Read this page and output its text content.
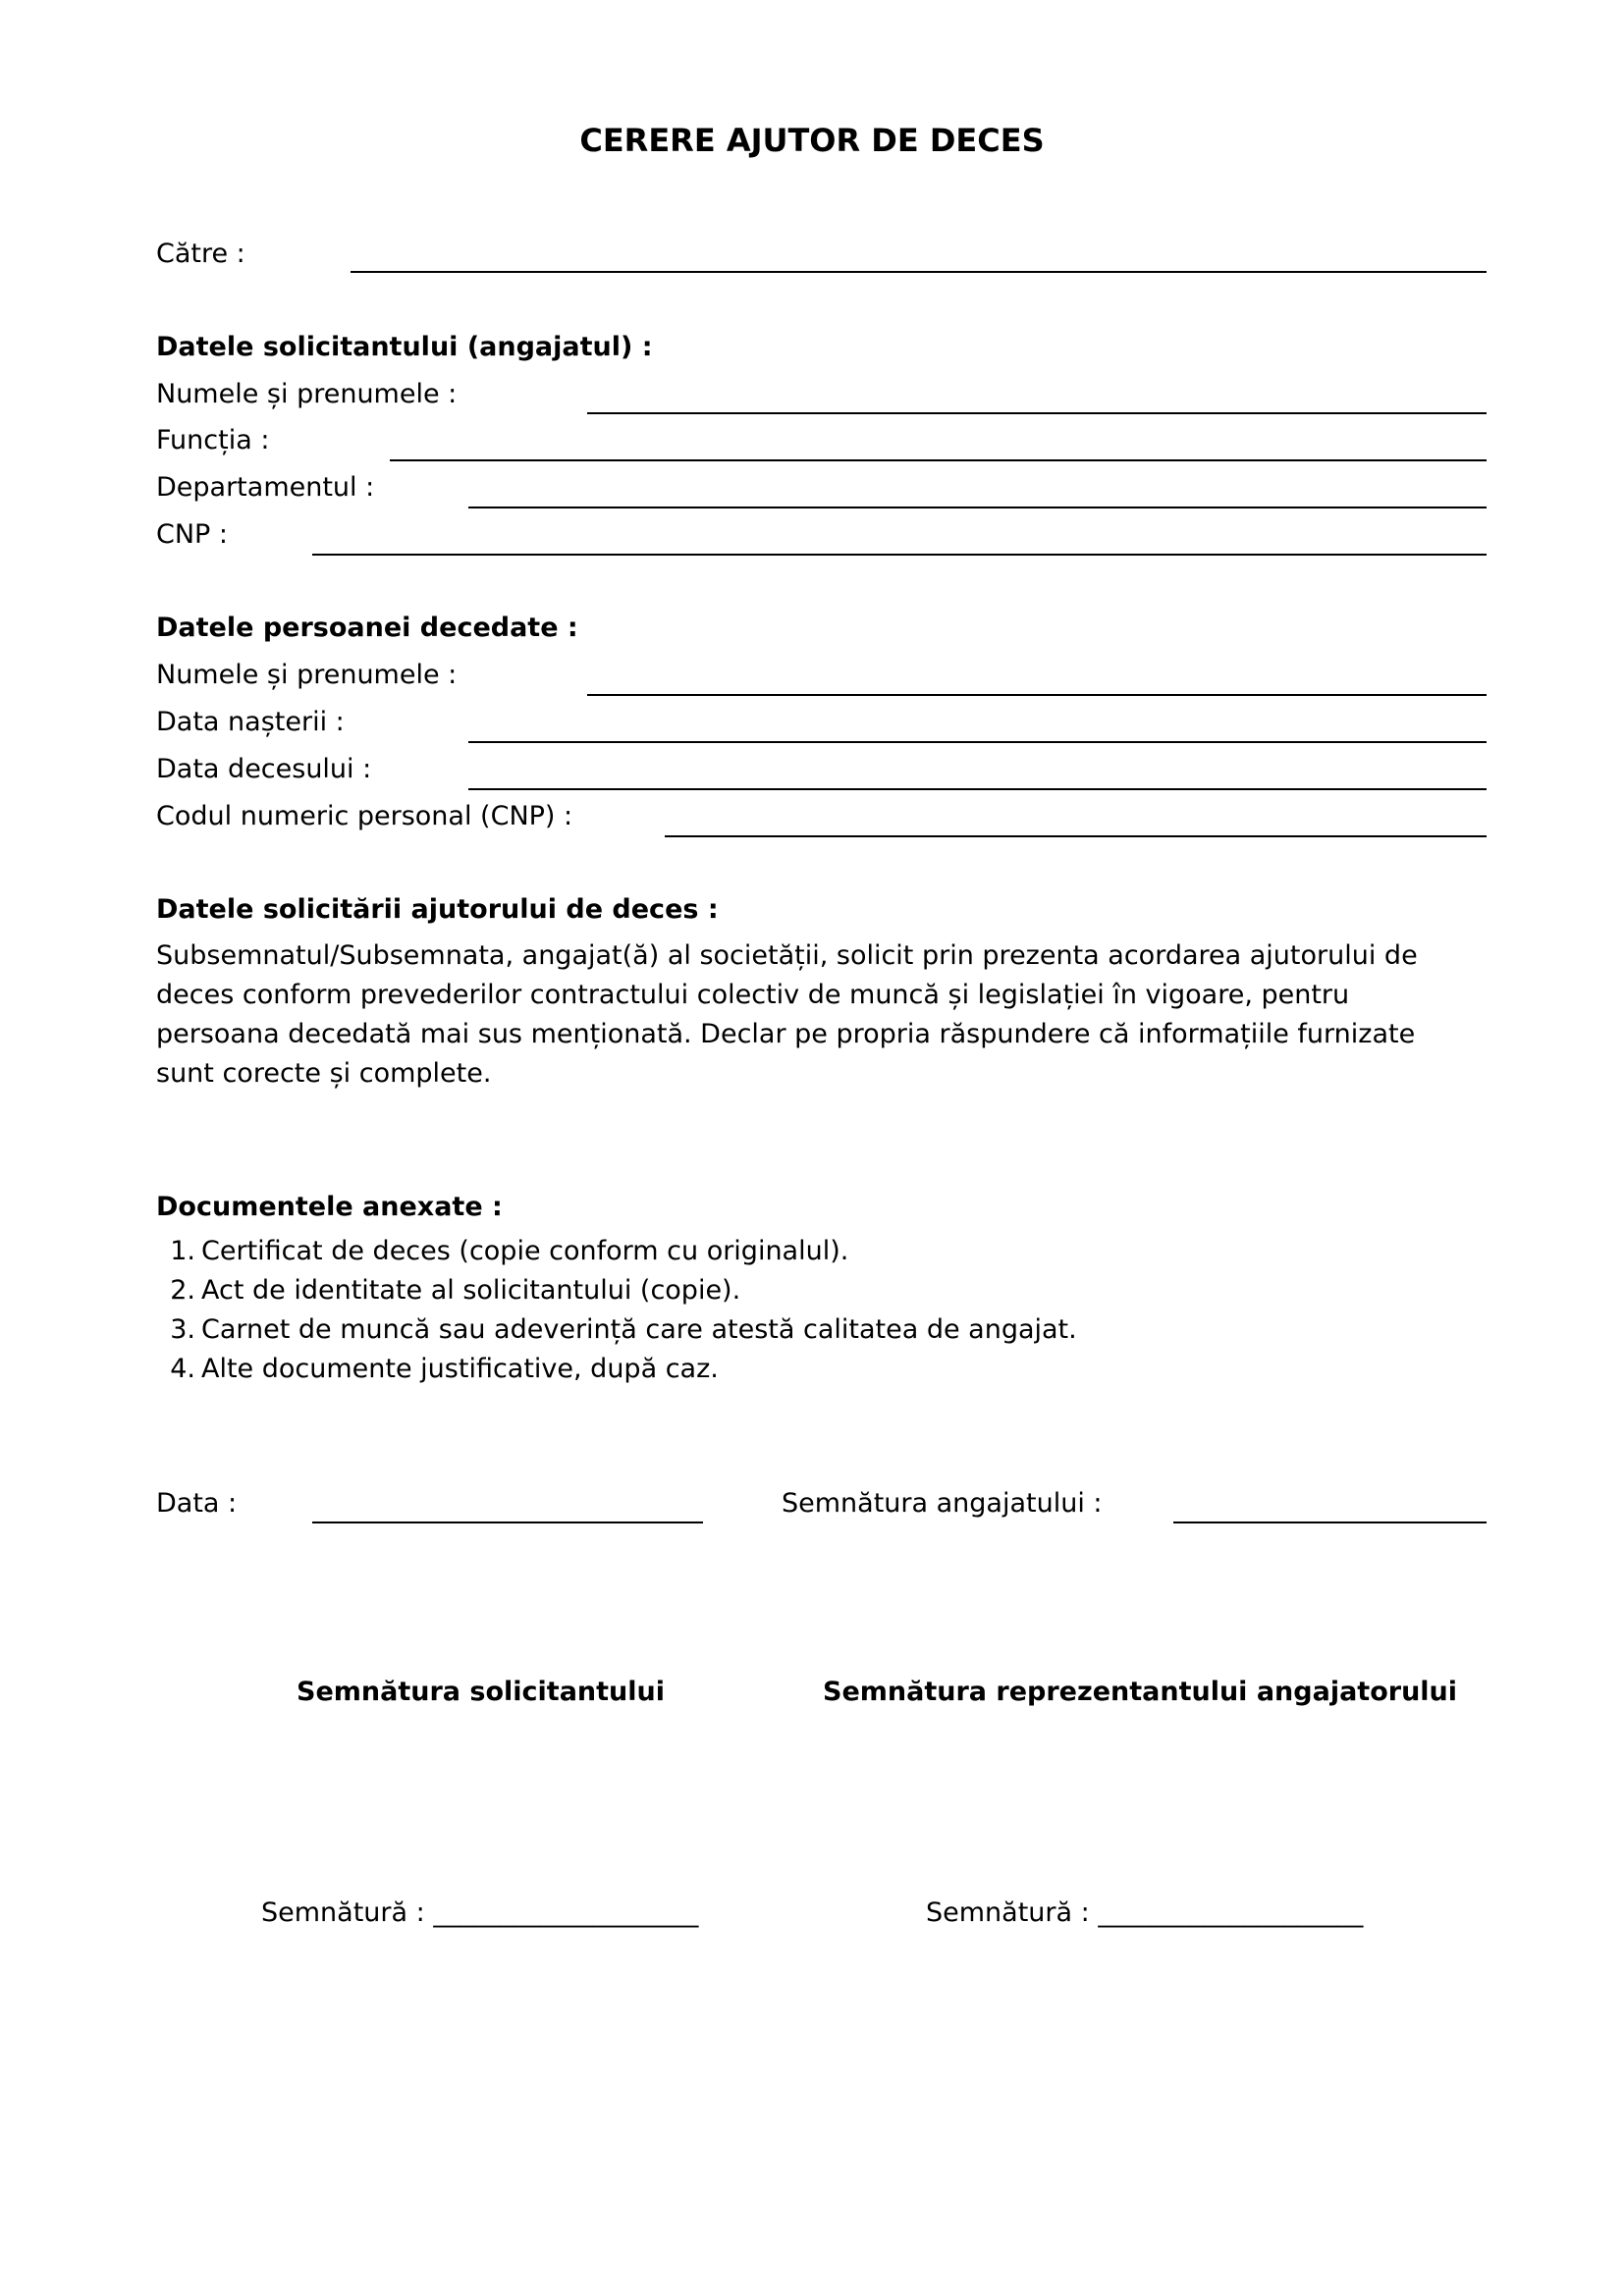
CERERE AJUTOR DE DECES
Către :
Datele solicitantului (angajatul) :
Numele și prenumele :
Funcția :
Departamentul :
CNP :
Datele persoanei decedate :
Numele și prenumele :
Data nașterii :
Data decesului :
Codul numeric personal (CNP) :
Datele solicitării ajutorului de deces :
Subsemnatul/Subsemnata, angajat(ă) al societății, solicit prin prezenta acordarea ajutorului de
deces conform prevederilor contractului colectiv de muncă și legislației în vigoare, pentru
persoana decedată mai sus menționată. Declar pe propria răspundere că informațiile furnizate
sunt corecte și complete.
Documentele anexate :
1. Certificat de deces (copie conform cu originalul).
2. Act de identitate al solicitantului (copie).
3. Carnet de muncă sau adeverință care atestă calitatea de angajat.
4. Alte documente justificative, după caz.
Data :	Semnătura angajatului :
Semnătura solicitantului	Semnătura reprezentantului angajatorului
Semnătură : ____________________	Semnătură : ____________________
